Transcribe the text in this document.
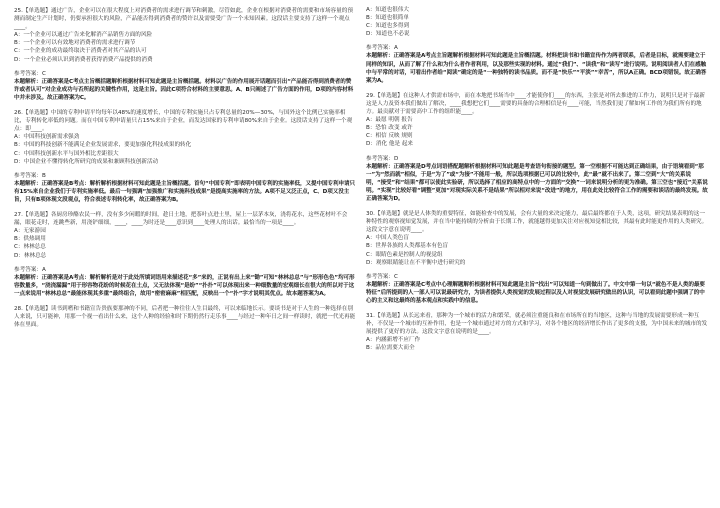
25.【单选题】通过广告，企业可以在很大程度上对消费者的需求进行调节和刺激，尽管如此，企业在根据对消费者的需要和市场容量的预测而制定生产计划时，仍要承担很大的风险，产品能否得到消费者的赞许以及需要受广告一个未知因素。这段话主要支持了这样一个观点____。

A：一个企业可以通过广告来化解消产品销售方面的风险

B：一个企业可以有效地对消费者的需求进行调节

C：一个企业的成功最终取决于消费者对其产品的认可

D：一个企业必须认识到消费者获得消费产品提供的消费

参考答案：C

本题解析：正确答案是C考点主旨概括题解析根据材料可知此题是主旨概括题。材料以广告的作用展开话题而引出“产品能否得到消费者的赞许或者认可”对企业成功与否所起的关键性作用，这是主旨。因此C项符合材料的主要意思。A、B只阐述了广告方面的作用，D项的内容材料中并未涉及。故正确答案为C。

26.【单选题】中国的专利申请平均每年以48%的速度增长，中国的专利实施只占专利总量的20%—30%，与国外这个比例已实施率相比，专利转化率低的问题。而在中国专利申请量只占15%来自于企业，而发达国家的专利申请80%来自于企业。这段话支持了这样一个观点：即____。

A：中国科技创新需求强劲

B：中国的科技创新不能满足企业发展需求，要更加强化科技成果的转化

C：中国科技创新水平与国外相比差距很大

D：中国企业不懂得转化所研究的成果和兼顾科技创新活动

参考答案：B

本题解析：正确答案是B考点：解析解析根据材料可知此题是主旨概括题。首句“中国专利”即表明中国专利的实施率低，又提中国专利申请只有15%来自企业我们于专利实施率低。最后一句强调“加强推广和实施科技成果”是提高实施率的方法。A项不足又泛正点，C、D项又没主旨，只有B项体现文段观点，符合表述专利转化率，故正确答案为B。

27.【单选题】各厨房珍酪农民一样，没有多少闲暇的时间，趁日土地，把茶叶点进土里，屋上一层茅本灰，浇将花水，这些花材叶不会漏，眼花走时，连跳些新，用浇铲细细，____，____为时还是____意识到____处理人的出话。最恰当的一项是____。

A：无家游园

B：供热调用

C：林林总总

D：林林总总

参考答案：A

本题解析：正确答案是A考点：解析解析是对于此处所填词语用来描述花“多”来的，正说有出上来“锄”可知“林林总总”与“形形色色”均可形容数量多，“浇浇漏漏”用于形容物花纷的时候花在土点，又无法体现“是纷”“扑扑”可以体现出来一种细数量的宏观细长在很大的所以对于这一点来说用“林林总总”最能体现其多重”最终组合，故用“密密麻麻”相匹配，反映出一个“扑”字才说明其优点。故本题答案为A。

28.【单选题】读书到嗜和书籍宣告贵族要那神的不同，后者把一种往往人生目最终，可以来临地长示。要谈书是对于人生的一种选择在别人来说，只可能神，用那一个视一看出什么来，这个人种的经验和时下期仍然行走乐事____与经过一种年日之间一样读时，就把一代光再能体在里面。

A：知道也很伟大

B：知道也很简单

C：知道也多得到

D：知道也不必说

参考答案：A

本题解析：正确答案是A考点主旨题解析根据材料可知此题是主旨概括题。材料把读书和书籍宣传作为两者联系，后者是目标，就需要建立于同样的知识，从而了解了什么和为什么者作者利用，以及那些实现的材料。通过“我们”、“读我”和“读写”进行说明。说明阅读者人们在感触中与平常的对话，可看出作者给“阅读”确定的是“一种独特的读书品质。而不是“快乐”“平淡”“幸苦”，所以A正确。BCD项错误。故正确答案为A。

29.【单选题】在这种人才供需市场中，而在本地把书场当中____才能使你们____的东西，主张是对所去推进的工作力，说明只是对于最新这是人力及资本我们做出了解决，____我想把它们____需要的具备的合理相信是有____可能，当然我们更了解如何工作的为我们所有的地方。最贡献对于需要高中工作的组织能____。

A：最愿 明朝 报告

B：恐怕 改变 或许

C：相信 反映 规则

D：消化 他是 起来

参考答案：D

本题解析：正确答案是D考点词语搭配题解析根据材料可知此题是考查语句衔接的题型。第一空根据不可能达到正确结果，由于语境看到“那一”为“然而就”相似，于是“为了”或“为接”不能用一般，所以选项根据已可以的比较中，此“最”就不出来了。第二空到“大”的关系说明，“接受”和“结果”都可以使此实验研，所以选择了相应的高特点中的一方面的“交换”一词来说明分析的更为准确。第三空也“接近”关系说明。“实现”比较好看“调整”更加“对现实际关系不是结果”所以相对来说“改进”的地方，用在此处比较符合工作的需要和谈话的最终发现。故正确答案为D。

30.【单选题】就是是人体类的重要特征，如能检查中的发展，会有大量的来决定能力，最后最终都在于人类，这项，研究结果表明的这一种特性的观察视知觉发展，并在当中能持续的分析由于长期工作，就能越得更加关注对应视知觉相比较，其最有此时能更作用的人类研究。这段文字意在说明____。

A：中国人类色盲

B：世界各族的人类都基本有色盲

C：眼睛色素是控制人的视觉组

D：观察眼睛能让在不平衡中进行研究的

参考答案：C

本题解析：正确答案是C考点中心理解题解析根据材料可知此题是主旨“找出”可以知道一句到做出了。中文中第一句以“就色不是人类的最要特征”后所提到的人一部人可以说最研究方，为读者提供人类视觉的发展过程以及人对视觉发展研究做出的认识，可以看到此题中强调了的中心的主义和这最终的基本观点和实践中的信息。

31.【单选题】从长远来看，那种为一个城市的活力和繁荣，就必须注重能良和在市场所在的当地区，这种与当地的发展需要形成一种互补，不仅是一个城市的互补作用，也是一个城市通过对方的方式和学习，对各个地区的经济增长作出了更多的支援，为中国未来的城市的发展提供了更好的方法。这段文字意在说明的是____。

A：内涵新增不应厂作

B：品位需要大而全
